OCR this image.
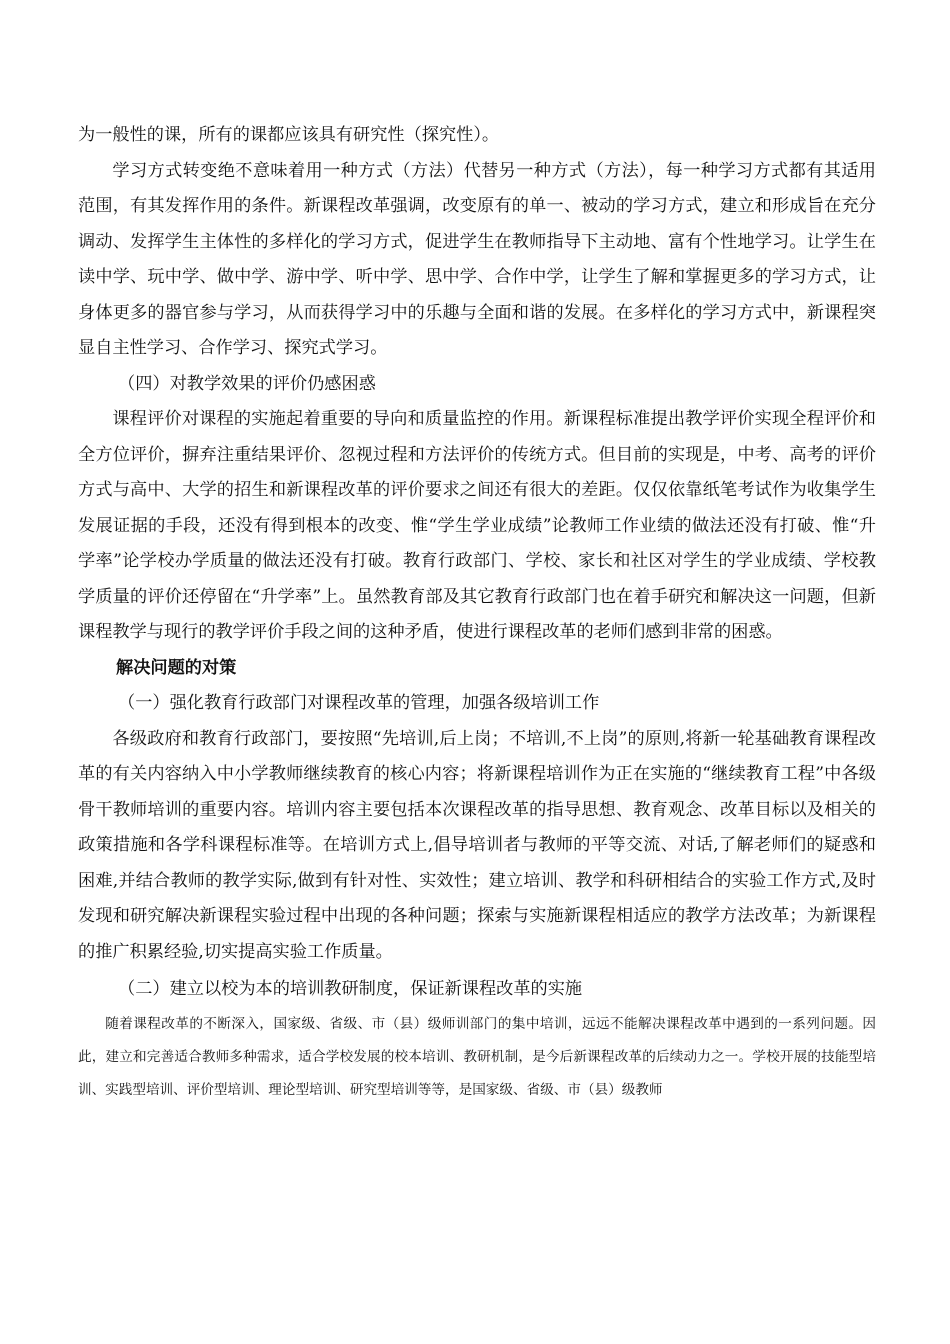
为一般性的课，所有的课都应该具有研究性（探究性）。

学习方式转变绝不意味着用一种方式（方法）代替另一种方式（方法），每一种学习方式都有其适用范围，有其发挥作用的条件。新课程改革强调，改变原有的单一、被动的学习方式，建立和形成旨在充分调动、发挥学生主体性的多样化的学习方式，促进学生在教师指导下主动地、富有个性地学习。让学生在读中学、玩中学、做中学、游中学、听中学、思中学、合作中学，让学生了解和掌握更多的学习方式，让身体更多的器官参与学习，从而获得学习中的乐趣与全面和谐的发展。在多样化的学习方式中，新课程突显自主性学习、合作学习、探究式学习。

（四）对教学效果的评价仍感困惑

课程评价对课程的实施起着重要的导向和质量监控的作用。新课程标准提出教学评价实现全程评价和全方位评价，摒弃注重结果评价、忽视过程和方法评价的传统方式。但目前的实现是，中考、高考的评价方式与高中、大学的招生和新课程改革的评价要求之间还有很大的差距。仅仅依靠纸笔考试作为收集学生发展证据的手段，还没有得到根本的改变、惟“学生学业成绩”论教师工作业绩的做法还没有打破、惟“升学率”论学校办学质量的做法还没有打破。教育行政部门、学校、家长和社区对学生的学业成绩、学校教学质量的评价还停留在“升学率”上。虽然教育部及其它教育行政部门也在着手研究和解决这一问题，但新课程教学与现行的教学评价手段之间的这种矛盾，使进行课程改革的老师们感到非常的困惑。

解决问题的对策

（一）强化教育行政部门对课程改革的管理，加强各级培训工作

各级政府和教育行政部门，要按照“先培训,后上岗；不培训,不上岗”的原则,将新一轮基础教育课程改革的有关内容纳入中小学教师继续教育的核心内容；将新课程培训作为正在实施的“继续教育工程”中各级骨干教师培训的重要内容。培训内容主要包括本次课程改革的指导思想、教育观念、改革目标以及相关的政策措施和各学科课程标准等。在培训方式上,倡导培训者与教师的平等交流、对话,了解老师们的疑惑和困难,并结合教师的教学实际,做到有针对性、实效性；建立培训、教学和科研相结合的实验工作方式,及时发现和研究解决新课程实验过程中出现的各种问题；探索与实施新课程相适应的教学方法改革；为新课程的推广积累经验,切实提高实验工作质量。

（二）建立以校为本的培训教研制度，保证新课程改革的实施

随着课程改革的不断深入，国家级、省级、市（县）级师训部门的集中培训，远远不能解决课程改革中遇到的一系列问题。因此，建立和完善适合教师多种需求，适合学校发展的校本培训、教研机制，是今后新课程改革的后续动力之一。学校开展的技能型培训、实践型培训、评价型培训、理论型培训、研究型培训等等，是国家级、省级、市（县）级教师
